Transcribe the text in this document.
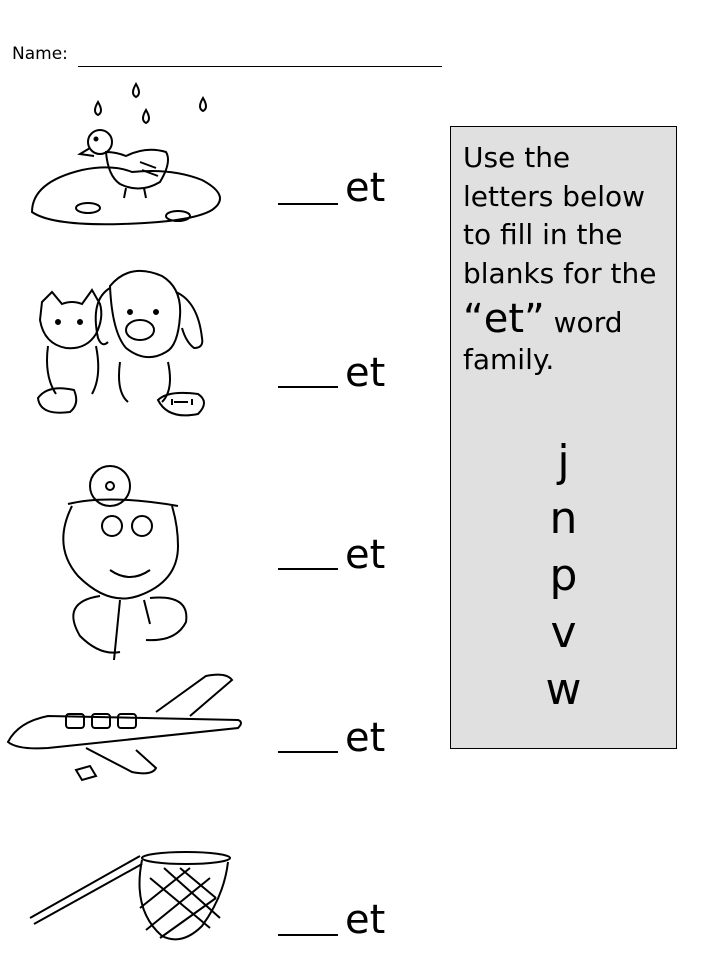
Name:
et
et
et
et
et
Use the
letters below
to fill in the
blanks for the
“et” word
family.
j
n
p
v
w
